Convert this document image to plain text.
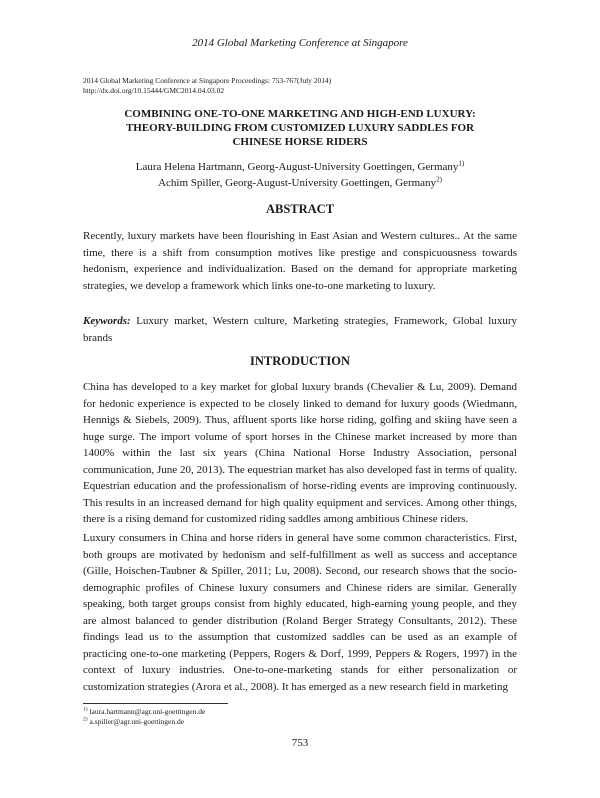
2014 Global Marketing Conference at Singapore
2014 Global Marketing Conference at Singapore Proceedings: 753-767(July 2014)
http://dx.doi.org/10.15444/GMC2014.04.03.02
COMBINING ONE-TO-ONE MARKETING AND HIGH-END LUXURY:
THEORY-BUILDING FROM CUSTOMIZED LUXURY SADDLES FOR
CHINESE HORSE RIDERS
Laura Helena Hartmann, Georg-August-University Goettingen, Germany$^{1)}$
Achim Spiller, Georg-August-University Goettingen, Germany$^{2)}$
ABSTRACT

Recently, luxury markets have been flourishing in East Asian and Western cultures.. At the same time, there is a shift from consumption motives like prestige and conspicuousness towards hedonism, experience and individualization. Based on the demand for appropriate marketing strategies, we develop a framework which links one-to-one marketing to luxury.

Keywords: Luxury market, Western culture, Marketing strategies, Framework, Global luxury brands

INTRODUCTION

China has developed to a key market for global luxury brands (Chevalier & Lu, 2009). Demand for hedonic experience is expected to be closely linked to demand for luxury goods (Wiedmann, Hennigs & Siebels, 2009). Thus, affluent sports like horse riding, golfing and skiing have seen a huge surge. The import volume of sport horses in the Chinese market increased by more than 1400% within the last six years (China National Horse Industry Association, personal communication, June 20, 2013). The equestrian market has also developed fast in terms of quality. Equestrian education and the professionalism of horse-riding events are improving continuously. This results in an increased demand for high quality equipment and services. Among other things, there is a rising demand for customized riding saddles among ambitious Chinese riders.

Luxury consumers in China and horse riders in general have some common characteristics. First, both groups are motivated by hedonism and self-fulfillment as well as success and acceptance (Gille, Hoischen-Taubner & Spiller, 2011; Lu, 2008). Second, our research shows that the socio-demographic profiles of Chinese luxury consumers and Chinese riders are similar. Generally speaking, both target groups consist from highly educated, high-earning young people, and they are almost balanced to gender distribution (Roland Berger Strategy Consultants, 2012). These findings lead us to the assumption that customized saddles can be used as an example of practicing one-to-one marketing (Peppers, Rogers & Dorf, 1999, Peppers & Rogers, 1997) in the context of luxury industries. One-to-one-marketing stands for either personalization or customization strategies (Arora et al., 2008). It has emerged as a new research field in marketing

$^{1)}$ laura.hartmann@agr.uni-goettingen.de
$^{2)}$ a.spiller@agr.uni-goettingen.de
753
